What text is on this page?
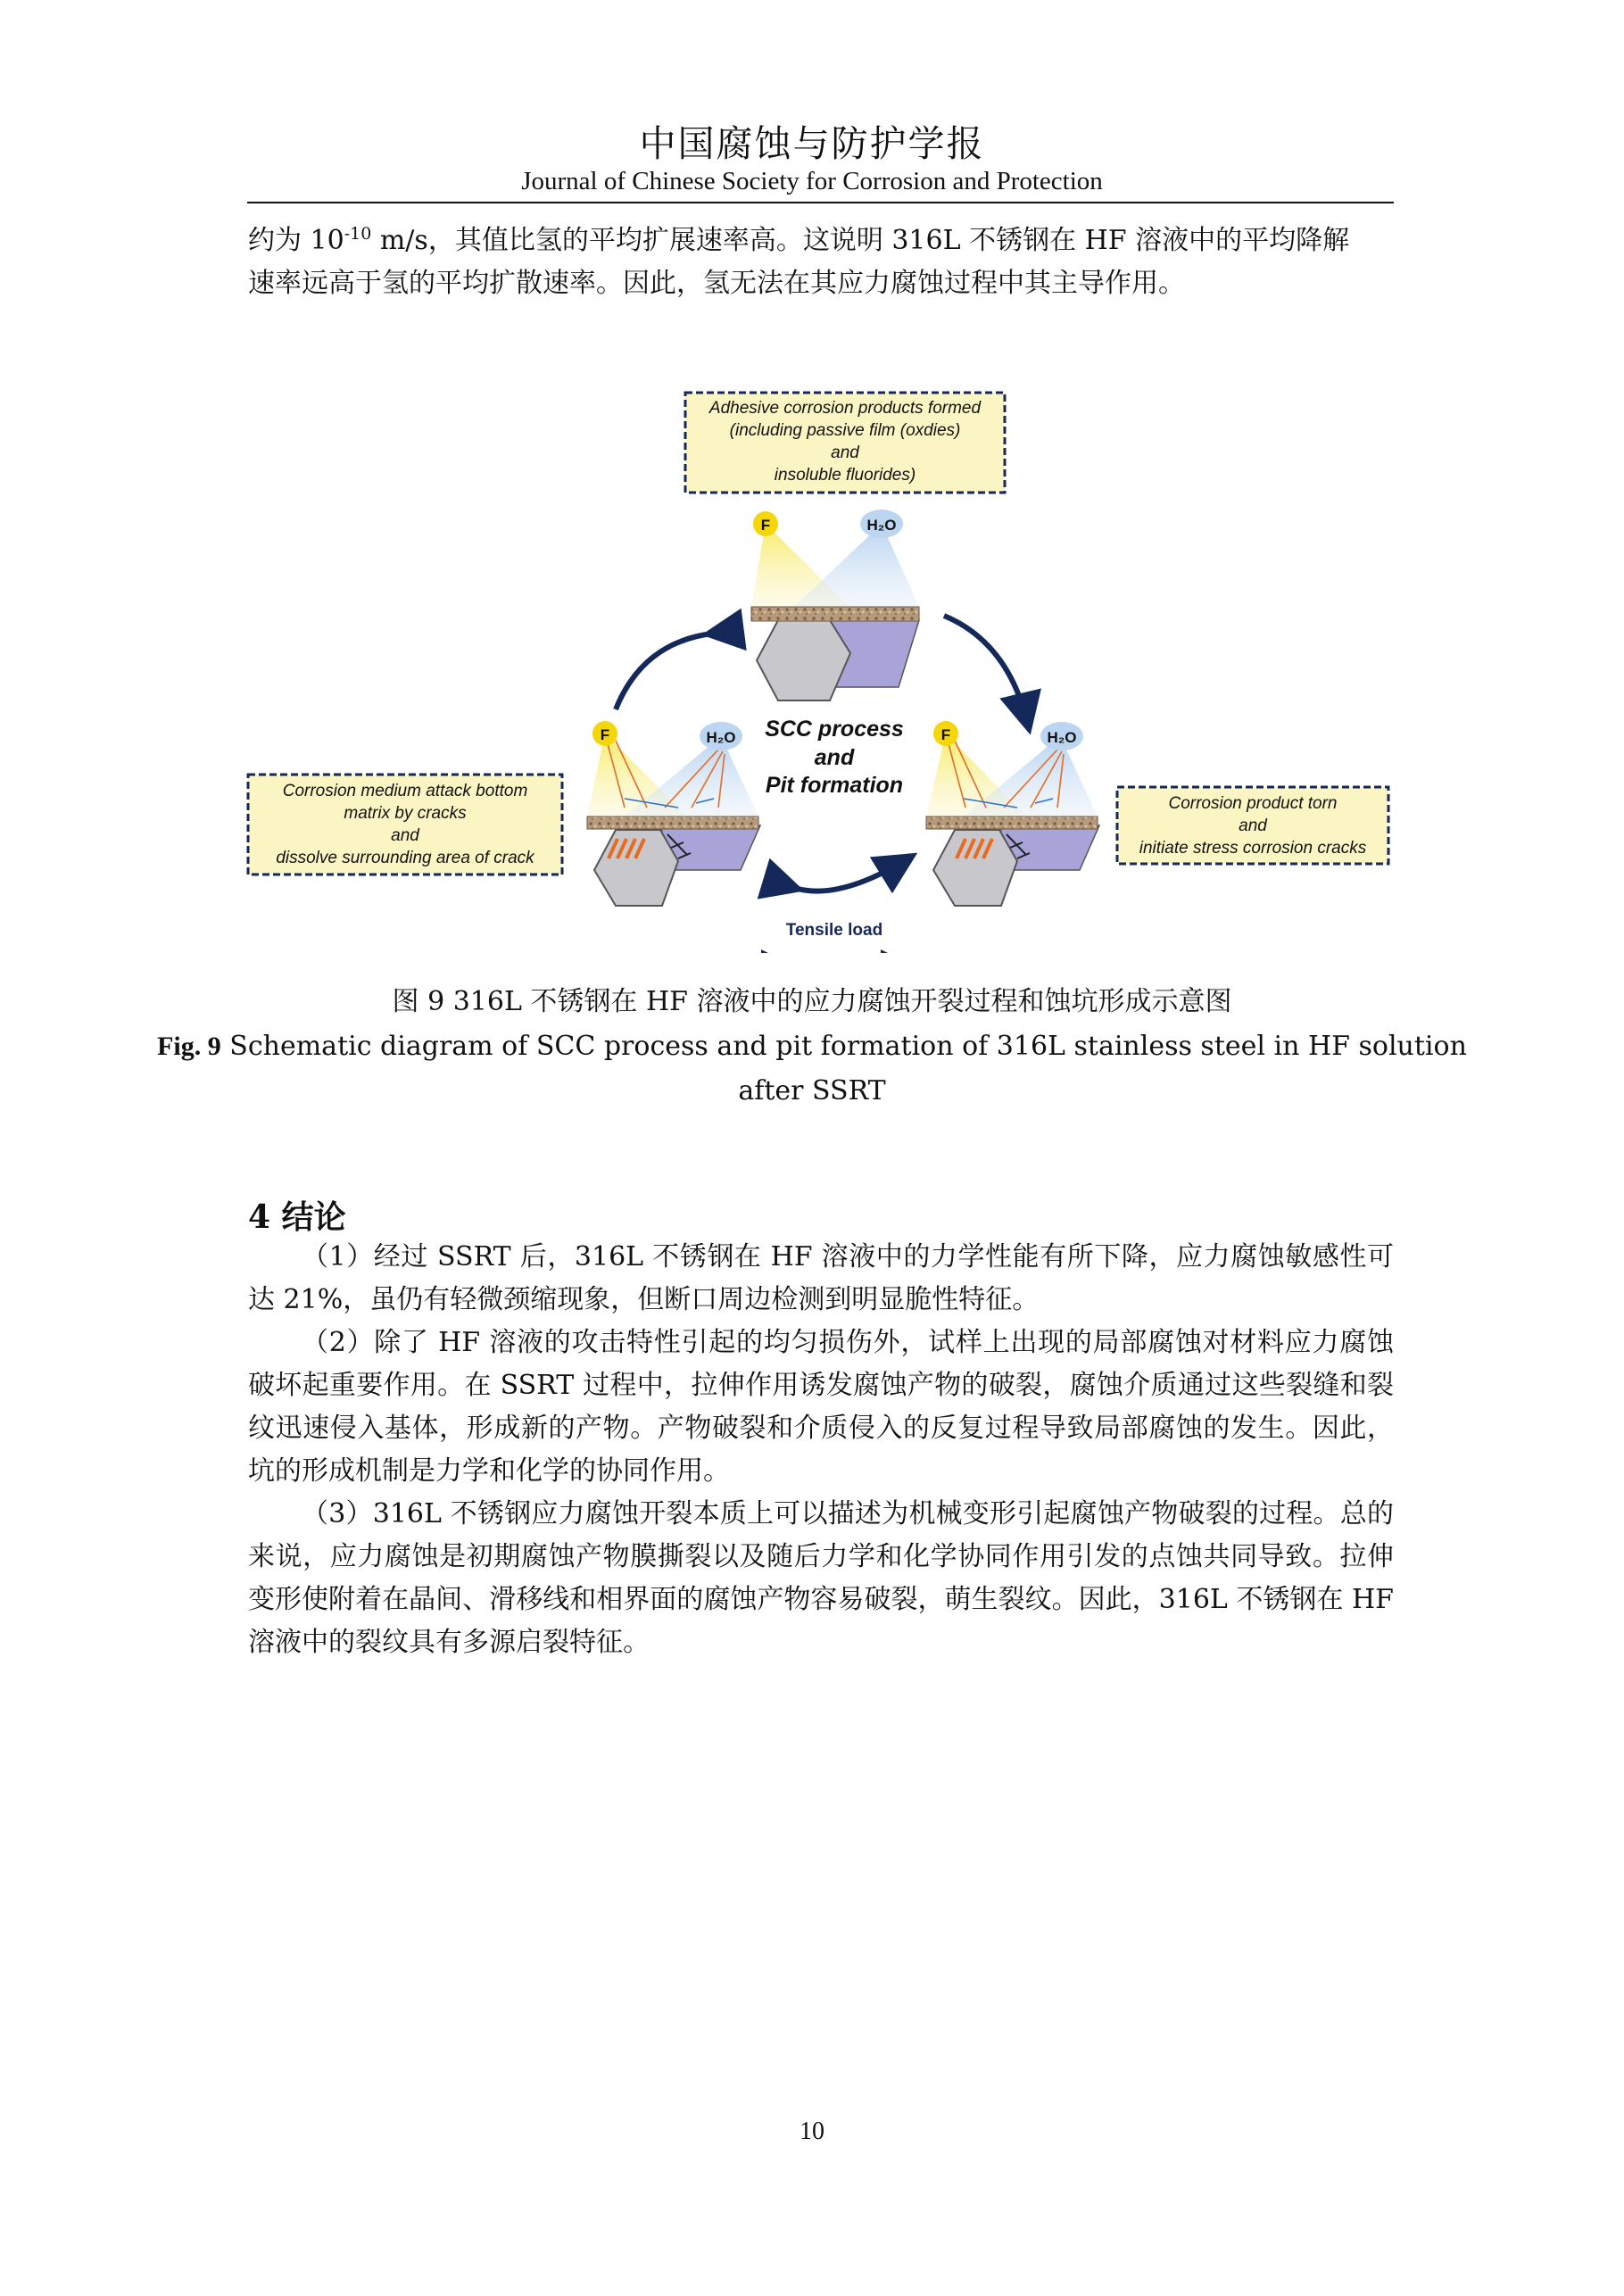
中国腐蚀与防护学报
Journal of Chinese Society for Corrosion and Protection

约为 $10^{-10}$ m/s，其值比氢的平均扩展速率高。这说明 316L 不锈钢在 HF 溶液中的平均降解

速率远高于氢的平均扩散速率。因此，氢无法在其应力腐蚀过程中其主导作用。

Adhesive corrosion products formed
(including passive film (oxdies)
and
insoluble fluorides)
F	H₂O
SCC process
and
Pit formation
F	H₂O	F	H₂O
Corrosion medium attack bottom
matrix by cracks
and
dissolve surrounding area of crack
Corrosion product torn
and
initiate stress corrosion cracks
Tensile load
图 9 316L 不锈钢在 HF 溶液中的应力腐蚀开裂过程和蚀坑形成示意图
Fig. 9 Schematic diagram of SCC process and pit formation of 316L stainless steel in HF solution
after SSRT
4 结论

（1）经过 SSRT 后，316L 不锈钢在 HF 溶液中的力学性能有所下降，应力腐蚀敏感性可达 21%，虽仍有轻微颈缩现象，但断口周边检测到明显脆性特征。

（2）除了 HF 溶液的攻击特性引起的均匀损伤外，试样上出现的局部腐蚀对材料应力腐蚀破坏起重要作用。在 SSRT 过程中，拉伸作用诱发腐蚀产物的破裂，腐蚀介质通过这些裂缝和裂纹迅速侵入基体，形成新的产物。产物破裂和介质侵入的反复过程导致局部腐蚀的发生。因此，坑的形成机制是力学和化学的协同作用。

（3）316L 不锈钢应力腐蚀开裂本质上可以描述为机械变形引起腐蚀产物破裂的过程。总的来说，应力腐蚀是初期腐蚀产物膜撕裂以及随后力学和化学协同作用引发的点蚀共同导致。拉伸变形使附着在晶间、滑移线和相界面的腐蚀产物容易破裂，萌生裂纹。因此，316L 不锈钢在 HF 溶液中的裂纹具有多源启裂特征。

10
